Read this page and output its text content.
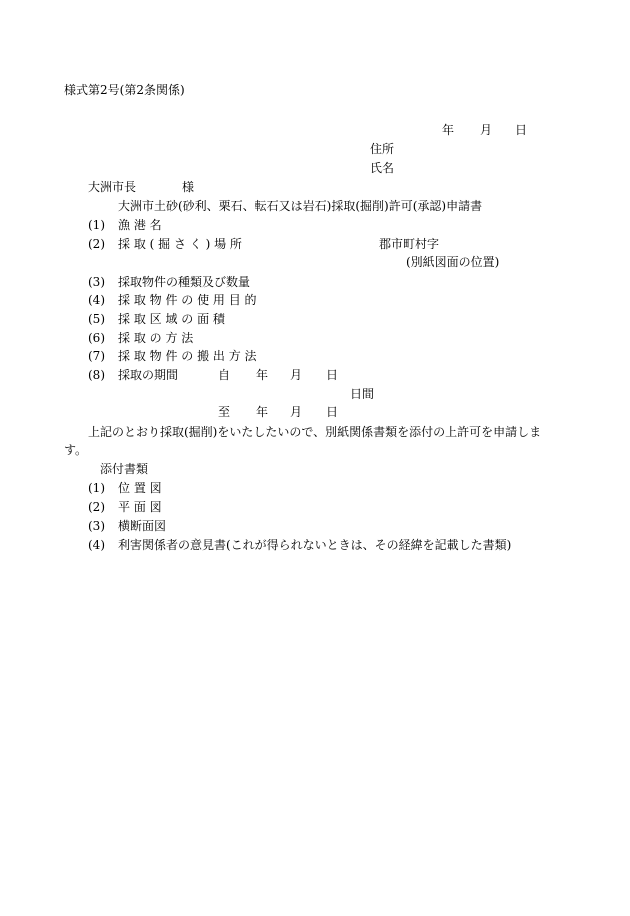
様式第2号(第2条関係)
年 月 日
住所
氏名
大洲市長	様
大洲市土砂(砂利、栗石、転石又は岩石)採取(掘削)許可(承認)申請書
(1) 漁 港 名
(2) 採 取 ( 掘 さ く ) 場 所	郡市町村字
(別紙図面の位置)
(3) 採取物件の種類及び数量
(4) 採 取 物 件 の 使 用 目 的
(5) 採 取 区 域 の 面 積
(6) 採 取 の 方 法
(7) 採 取 物 件 の 搬 出 方 法
(8) 採取の期間	自 年 月 日
日間
至 年 月 日
上記のとおり採取(掘削)をいたしたいので、別紙関係書類を添付の上許可を申請しま
す。
添付書類
(1) 位 置 図
(2) 平 面 図
(3) 横断面図
(4) 利害関係者の意見書(これが得られないときは、その経緯を記載した書類)
